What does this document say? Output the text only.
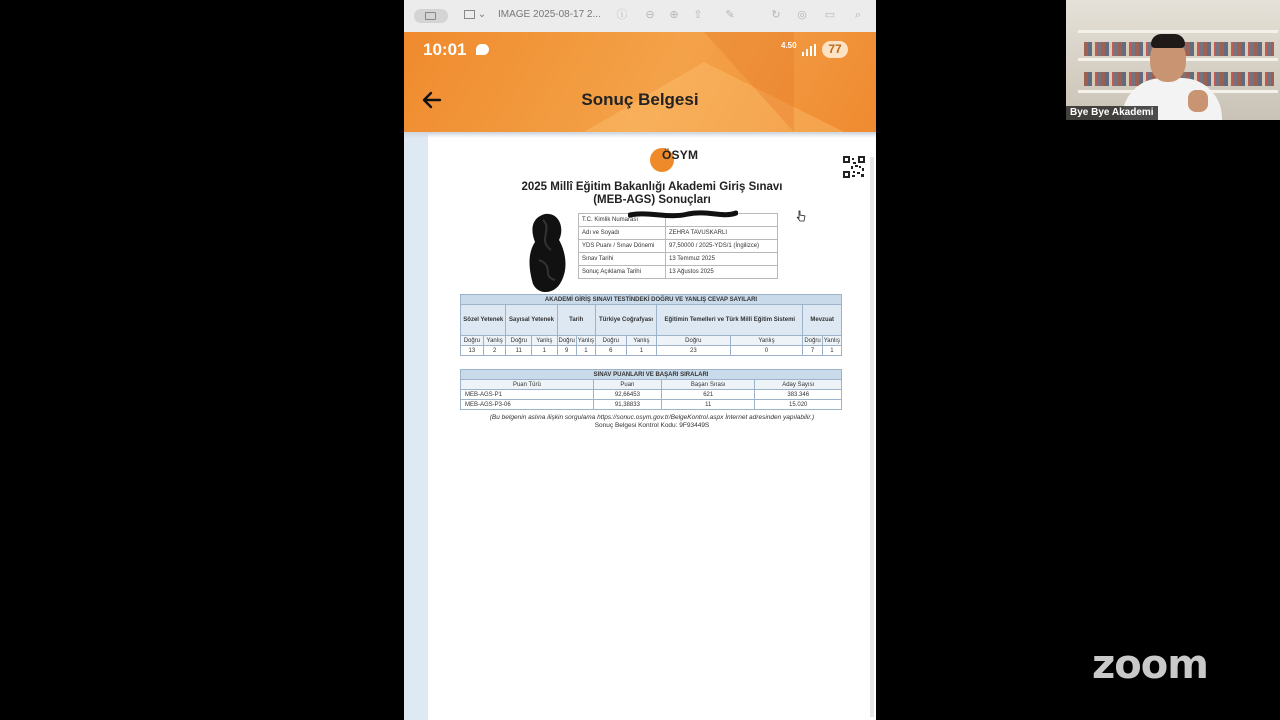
⌄	IMAGE 2025-08-17 2... ⓘ ⊖ ⊕ ⇧ ✎	↻ ◎ ▭ ⌕
10:01	4.50	77
Sonuç Belgesi
ÖSYM
2025 Millî Eğitim Bakanlığı Akademi Giriş Sınavı
(MEB-AGS) Sonuçları
T.C. Kimlik Numarası	
Adı ve Soyadı	ZEHRA TAVUSKARLI
YDS Puanı / Sınav Dönemi	97,50000 / 2025-YDS/1 (İngilizce)
Sınav Tarihi	13 Temmuz 2025
Sonuç Açıklama Tarihi	13 Ağustos 2025
AKADEMİ GİRİŞ SINAVI TESTİNDEKİ DOĞRU VE YANLIŞ CEVAP SAYILARI											
Sözel Yetenek		Sayısal Yetenek		Tarih		Türkiye Coğrafyası		Eğitimin Temelleri ve Türk Millî Eğitim Sistemi		Mevzuat	
Doğru	Yanlış	Doğru	Yanlış	Doğru	Yanlış	Doğru	Yanlış	Doğru	Yanlış	Doğru	Yanlış
13	2	11	1	9	1	6	1	23	0	7	1
SINAV PUANLARI VE BAŞARI SIRALARI			
Puan Türü	Puan	Başarı Sırası	Aday Sayısı
MEB-AGS-P1	92,66453	621	383.346
MEB-AGS-P3-06	91,38833	11	15.020
(Bu belgenin aslına ilişkin sorgulama https://sonuc.osym.gov.tr/BelgeKontrol.aspx İnternet adresinden yapılabilir.)
Sonuç Belgesi Kontrol Kodu: 9F93449S
Bye Bye Akademi
zoom
